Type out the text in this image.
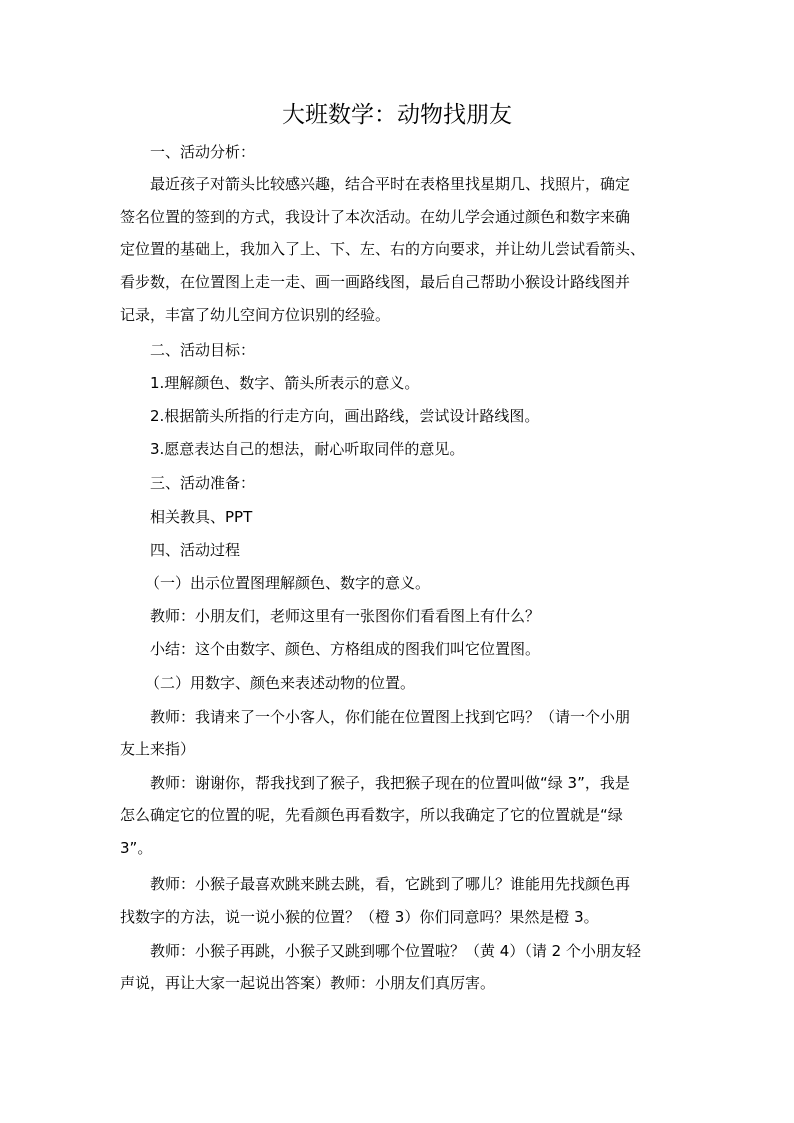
大班数学：动物找朋友
一、活动分析：
最近孩子对箭头比较感兴趣，结合平时在表格里找星期几、找照片，确定
签名位置的签到的方式，我设计了本次活动。在幼儿学会通过颜色和数字来确
定位置的基础上，我加入了上、下、左、右的方向要求，并让幼儿尝试看箭头、
看步数，在位置图上走一走、画一画路线图，最后自己帮助小猴设计路线图并
记录，丰富了幼儿空间方位识别的经验。
二、活动目标：
1.理解颜色、数字、箭头所表示的意义。
2.根据箭头所指的行走方向，画出路线，尝试设计路线图。
3.愿意表达自己的想法，耐心听取同伴的意见。
三、活动准备：
相关教具、PPT
四、活动过程
（一）出示位置图理解颜色、数字的意义。
教师：小朋友们，老师这里有一张图你们看看图上有什么？
小结：这个由数字、颜色、方格组成的图我们叫它位置图。
（二）用数字、颜色来表述动物的位置。
教师：我请来了一个小客人，你们能在位置图上找到它吗？（请一个小朋
友上来指）
教师：谢谢你，帮我找到了猴子，我把猴子现在的位置叫做“绿 3”，我是
怎么确定它的位置的呢，先看颜色再看数字，所以我确定了它的位置就是“绿
3”。
教师：小猴子最喜欢跳来跳去跳，看，它跳到了哪儿？谁能用先找颜色再
找数字的方法，说一说小猴的位置？（橙 3）你们同意吗？果然是橙 3。
教师：小猴子再跳，小猴子又跳到哪个位置啦？（黄 4）（请 2 个小朋友轻
声说，再让大家一起说出答案）教师：小朋友们真厉害。
